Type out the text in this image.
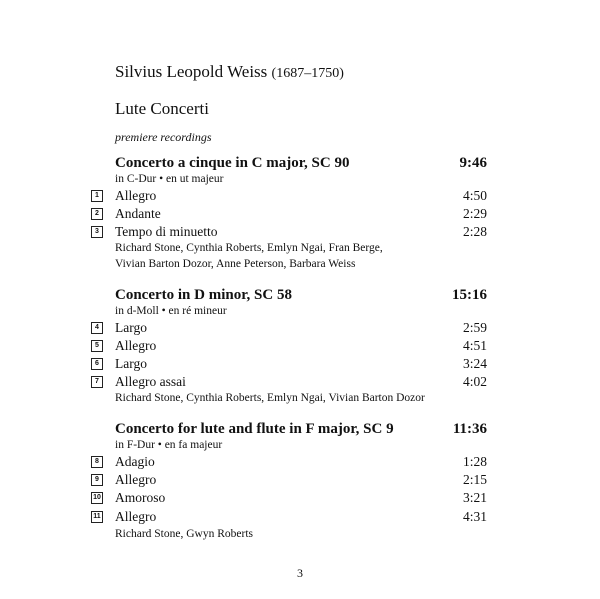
Silvius Leopold Weiss (1687–1750)
Lute Concerti
premiere recordings
Concerto a cinque in C major, SC 90	9:46
in C-Dur • en ut majeur
1 Allegro	4:50
2 Andante	2:29
3 Tempo di minuetto	2:28
Richard Stone, Cynthia Roberts, Emlyn Ngai, Fran Berge,
Vivian Barton Dozor, Anne Peterson, Barbara Weiss
Concerto in D minor, SC 58	15:16
in d-Moll • en ré mineur
4 Largo	2:59
5 Allegro	4:51
6 Largo	3:24
7 Allegro assai	4:02
Richard Stone, Cynthia Roberts, Emlyn Ngai, Vivian Barton Dozor
Concerto for lute and flute in F major, SC 9	11:36
in F-Dur • en fa majeur
8 Adagio	1:28
9 Allegro	2:15
10 Amoroso	3:21
11 Allegro	4:31
Richard Stone, Gwyn Roberts
3
